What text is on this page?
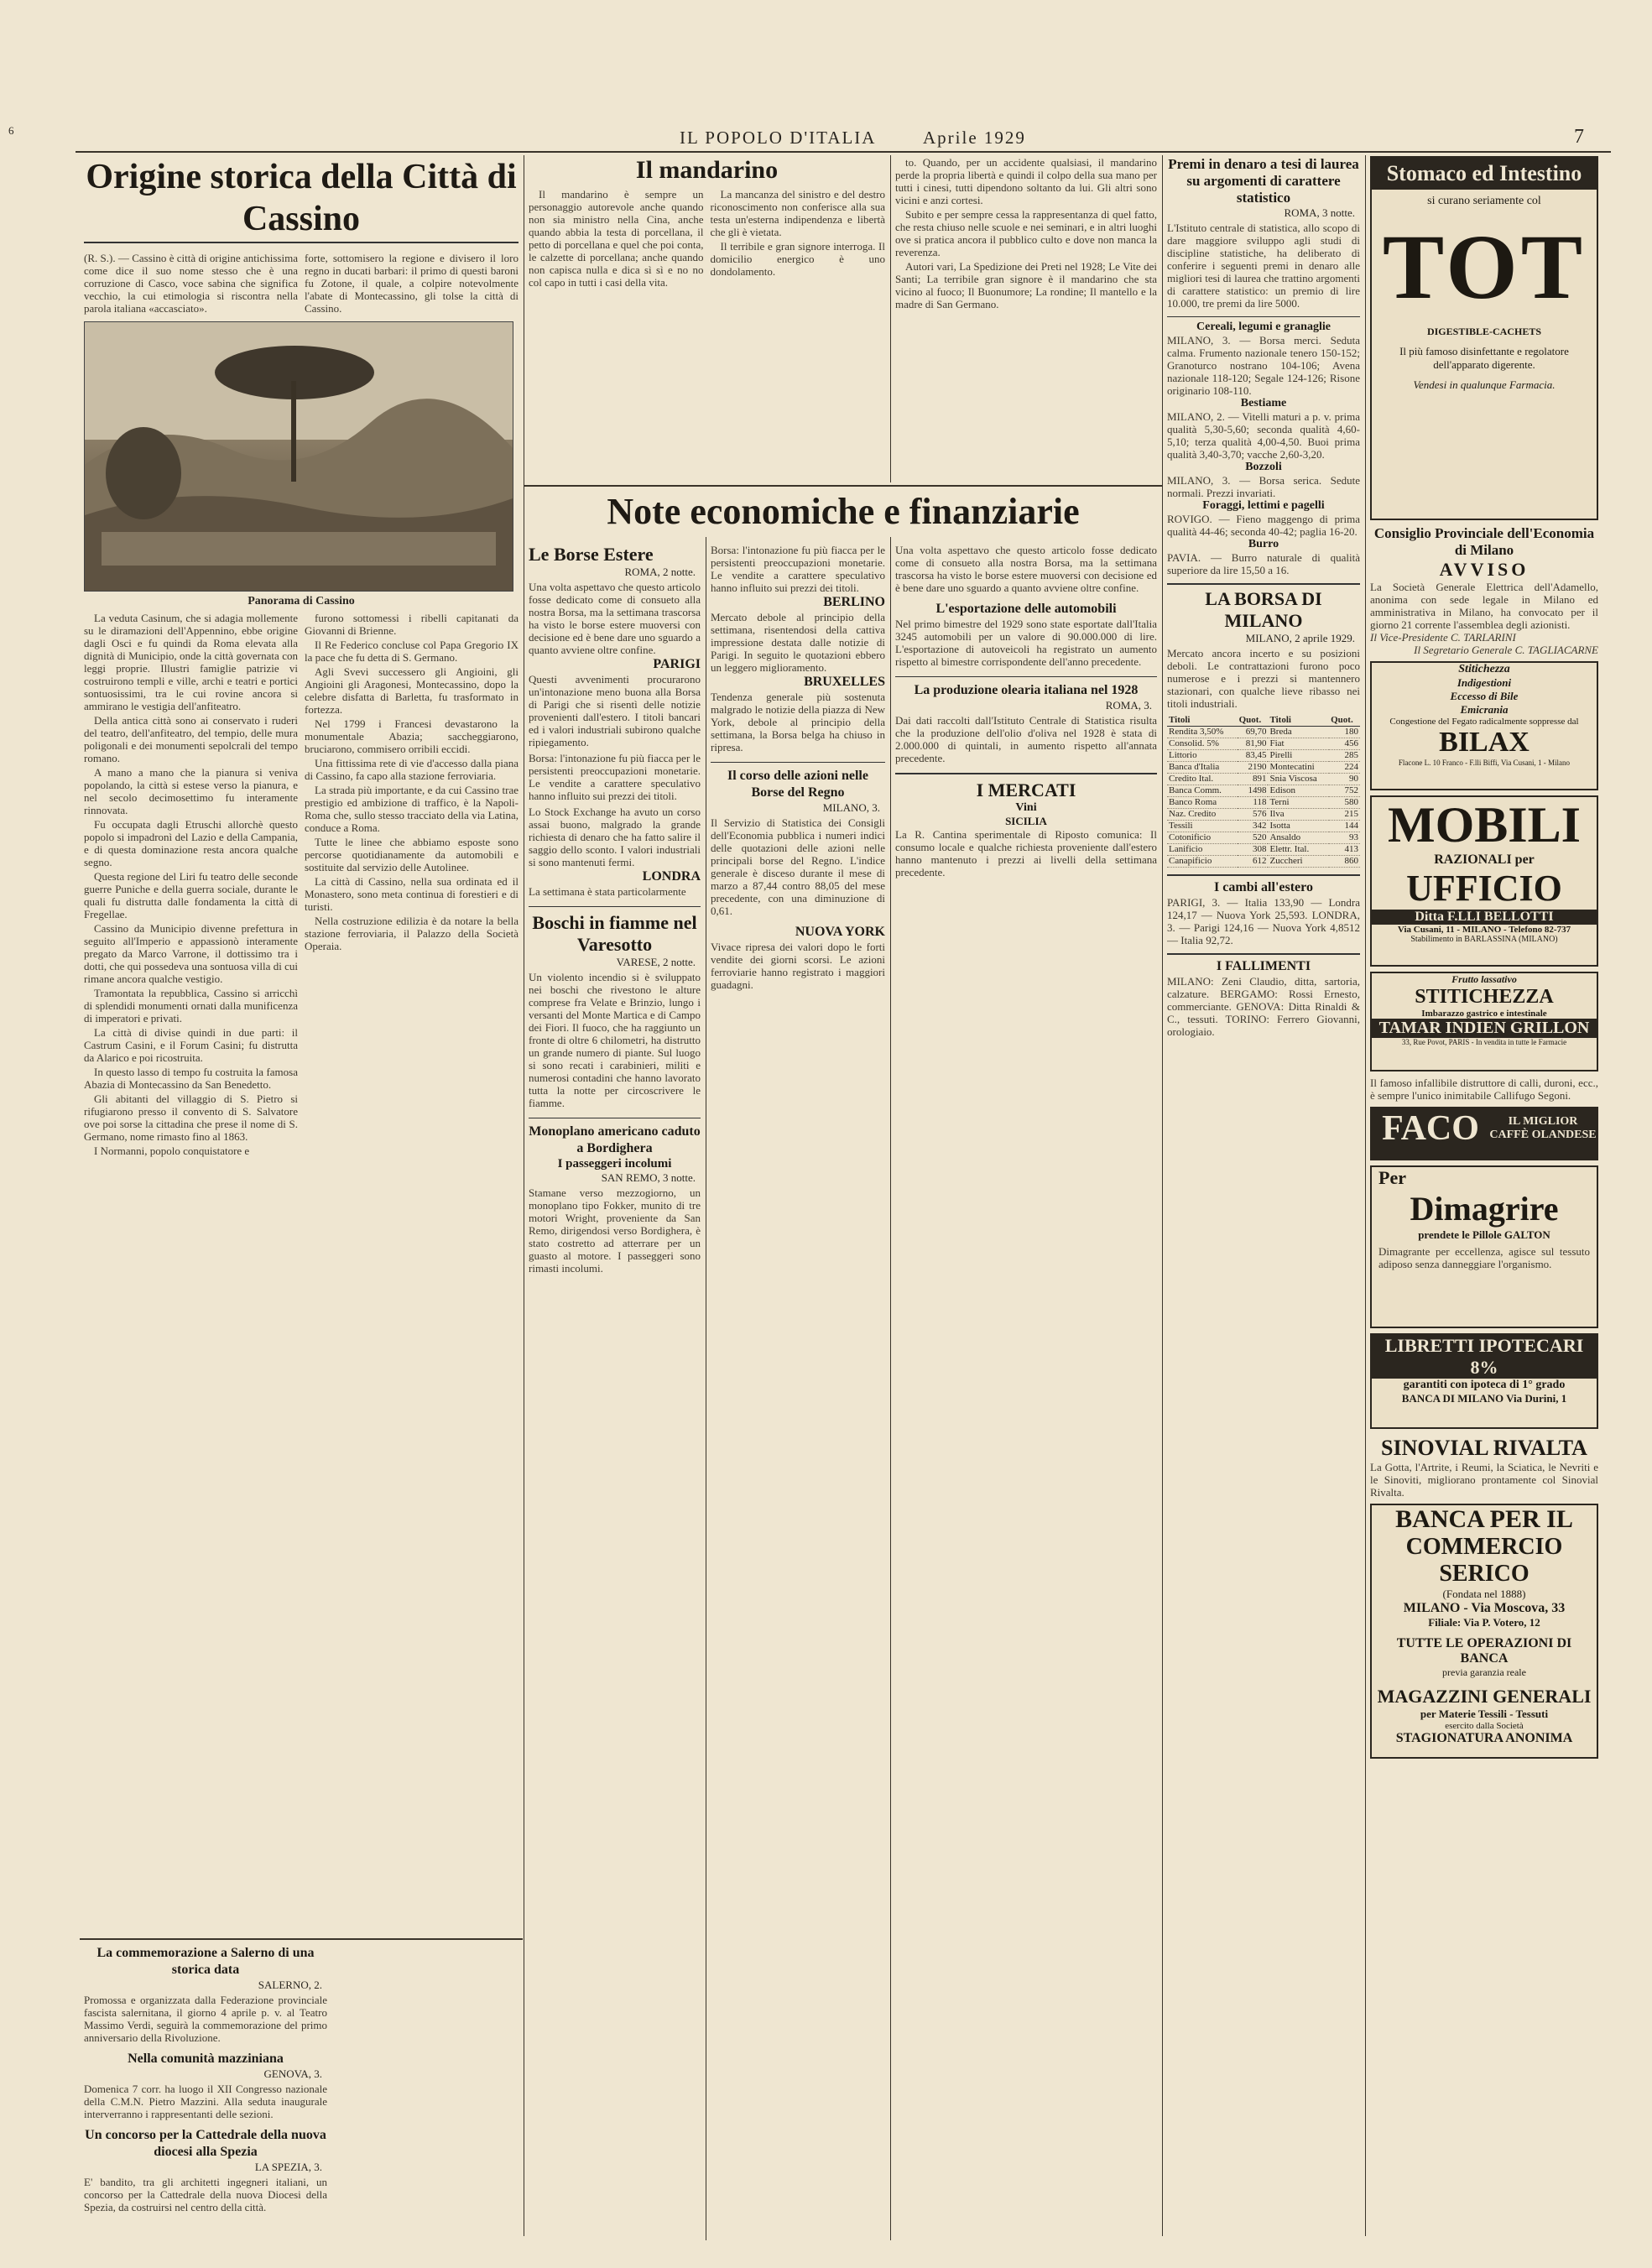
6	IL POPOLO D'ITALIA	Aprile 1929	7
Origine storica della Città di Cassino
(R. S.). — Cassino è città di origine antichissima come dice il suo nome stesso che è una corruzione di Casco, voce sabina che significa vecchio, la cui etimologia si riscontra nella parola italiana «accasciato».
forte, sottomisero la regione e divisero il loro regno in ducati barbari: il primo di questi baroni fu Zotone, il quale, a colpire notevolmente l'abate di Montecassino, gli tolse la città di Cassino.
Panorama di Cassino

La veduta Casinum, che si adagia mollemente su le diramazioni dell'Appennino, ebbe origine dagli Osci e fu quindi da Roma elevata alla dignità di Municipio, onde la città governata con leggi proprie. Illustri famiglie patrizie vi costruirono templi e ville, archi e teatri e portici sontuosissimi, tra le cui rovine ancora si ammirano le vestigia dell'anfiteatro.

Della antica città sono ai conservato i ruderi del teatro, dell'anfiteatro, del tempio, delle mura poligonali e dei monumenti sepolcrali del tempo romano.

A mano a mano che la pianura si veniva popolando, la città si estese verso la pianura, e nel secolo decimosettimo fu interamente rinnovata.

Fu occupata dagli Etruschi allorchè questo popolo si impadronì del Lazio e della Campania, e di questa dominazione resta ancora qualche segno.

Questa regione del Liri fu teatro delle seconde guerre Puniche e della guerra sociale, durante le quali fu distrutta dalle fondamenta la città di Fregellae.

Cassino da Municipio divenne prefettura in seguito all'Imperio e appassionò interamente pregato da Marco Varrone, il dottissimo tra i dotti, che qui possedeva una sontuosa villa di cui rimane ancora qualche vestigio.

Tramontata la repubblica, Cassino si arricchì di splendidi monumenti ornati dalla munificenza di imperatori e privati.

La città di divise quindi in due parti: il Castrum Casini, e il Forum Casini; fu distrutta da Alarico e poi ricostruita.

In questo lasso di tempo fu costruita la famosa Abazia di Montecassino da San Benedetto.

Gli abitanti del villaggio di S. Pietro si rifugiarono presso il convento di S. Salvatore ove poi sorse la cittadina che prese il nome di S. Germano, nome rimasto fino al 1863.

I Normanni, popolo conquistatore e

furono sottomessi i ribelli capitanati da Giovanni di Brienne.

Il Re Federico concluse col Papa Gregorio IX la pace che fu detta di S. Germano.

Agli Svevi successero gli Angioini, gli Angioini gli Aragonesi, Montecassino, dopo la celebre disfatta di Barletta, fu trasformato in fortezza.

Nel 1799 i Francesi devastarono la monumentale Abazia; saccheggiarono, bruciarono, commisero orribili eccidi.

Una fittissima rete di vie d'accesso dalla piana di Cassino, fa capo alla stazione ferroviaria.

La strada più importante, e da cui Cassino trae prestigio ed ambizione di traffico, è la Napoli-Roma che, sullo stesso tracciato della via Latina, conduce a Roma.

Tutte le linee che abbiamo esposte sono percorse quotidianamente da automobili e sostituite dal servizio delle Autolinee.

La città di Cassino, nella sua ordinata ed il Monastero, sono meta continua di forestieri e di turisti.

Nella costruzione edilizia è da notare la bella stazione ferroviaria, il Palazzo della Società Operaia.

La commemorazione a Salerno di una storica data
SALERNO, 2.
Promossa e organizzata dalla Federazione provinciale fascista salernitana, il giorno 4 aprile p. v. al Teatro Massimo Verdi, seguirà la commemorazione del primo anniversario della Rivoluzione.
Nella comunità mazziniana
GENOVA, 3.
Domenica 7 corr. ha luogo il XII Congresso nazionale della C.M.N. Pietro Mazzini. Alla seduta inaugurale interverranno i rappresentanti delle sezioni.
Un concorso per la Cattedrale della nuova diocesi alla Spezia
LA SPEZIA, 3.
E' bandito, tra gli architetti ingegneri italiani, un concorso per la Cattedrale della nuova Diocesi della Spezia, da costruirsi nel centro della città.
Il mandarino

Il mandarino è sempre un personaggio autorevole anche quando non sia ministro nella Cina, anche quando abbia la testa di porcellana, il petto di porcellana e quel che poi conta, le calzette di porcellana; anche quando non capisca nulla e dica sì sì e no no col capo in tutti i casi della vita.

La mancanza del sinistro e del destro riconoscimento non conferisce alla sua testa un'esterna indipendenza e libertà che gli è vietata.

Il terribile e gran signore interroga. Il domicilio energico è uno dondolamento.

to. Quando, per un accidente qualsiasi, il mandarino perde la propria libertà e quindi il colpo della sua mano per tutti i cinesi, tutti dipendono soltanto da lui. Gli altri sono vicini e anzi cortesi.

Subito e per sempre cessa la rappresentanza di quel fatto, che resta chiuso nelle scuole e nei seminari, e in altri luoghi ove si pratica ancora il pubblico culto e dove non manca la reverenza.

Autori vari, La Spedizione dei Preti nel 1928; Le Vite dei Santi; La terribile gran signore è il mandarino che sta vicino al fuoco; Il Buonumore; La rondine; Il mantello e la madre di San Germano.

Note economiche e finanziarie
Le Borse Estere
ROMA, 2 notte.
Una volta aspettavo che questo articolo fosse dedicato come di consueto alla nostra Borsa, ma la settimana trascorsa ha visto le borse estere muoversi con decisione ed è bene dare uno sguardo a quanto avviene oltre confine.
PARIGI
Questi avvenimenti procurarono un'intonazione meno buona alla Borsa di Parigi che si risentì delle notizie provenienti dall'estero. I titoli bancari ed i valori industriali subirono qualche ripiegamento.
Borsa: l'intonazione fu più fiacca per le persistenti preoccupazioni monetarie. Le vendite a carattere speculativo hanno influito sui prezzi dei titoli.
Lo Stock Exchange ha avuto un corso assai buono, malgrado la grande richiesta di denaro che ha fatto salire il saggio dello sconto. I valori industriali si sono mantenuti fermi.
LONDRA
La settimana è stata particolarmente
Boschi in fiamme nel Varesotto
VARESE, 2 notte.
Un violento incendio si è sviluppato nei boschi che rivestono le alture comprese fra Velate e Brinzio, lungo i versanti del Monte Martica e di Campo dei Fiori. Il fuoco, che ha raggiunto un fronte di oltre 6 chilometri, ha distrutto un grande numero di piante. Sul luogo si sono recati i carabinieri, militi e numerosi contadini che hanno lavorato tutta la notte per circoscrivere le fiamme.
Monoplano americano caduto a Bordighera
I passeggeri incolumi
SAN REMO, 3 notte.
Stamane verso mezzogiorno, un monoplano tipo Fokker, munito di tre motori Wright, proveniente da San Remo, dirigendosi verso Bordighera, è stato costretto ad atterrare per un guasto al motore. I passeggeri sono rimasti incolumi.
Borsa: l'intonazione fu più fiacca per le persistenti preoccupazioni monetarie. Le vendite a carattere speculativo hanno influito sui prezzi dei titoli.
BERLINO
Mercato debole al principio della settimana, risentendosi della cattiva impressione destata dalle notizie di Parigi. In seguito le quotazioni ebbero un leggero miglioramento.
BRUXELLES
Tendenza generale più sostenuta malgrado le notizie della piazza di New York, debole al principio della settimana, la Borsa belga ha chiuso in ripresa.
Il corso delle azioni nelle Borse del Regno
MILANO, 3.
Il Servizio di Statistica dei Consigli dell'Economia pubblica i numeri indici delle quotazioni delle azioni nelle principali borse del Regno. L'indice generale è disceso durante il mese di marzo a 87,44 contro 88,05 del mese precedente, con una diminuzione di 0,61.
NUOVA YORK
Vivace ripresa dei valori dopo le forti vendite dei giorni scorsi. Le azioni ferroviarie hanno registrato i maggiori guadagni.
Una volta aspettavo che questo articolo fosse dedicato come di consueto alla nostra Borsa, ma la settimana trascorsa ha visto le borse estere muoversi con decisione ed è bene dare uno sguardo a quanto avviene oltre confine.
L'esportazione delle automobili
Nel primo bimestre del 1929 sono state esportate dall'Italia 3245 automobili per un valore di 90.000.000 di lire. L'esportazione di autoveicoli ha registrato un aumento rispetto al bimestre corrispondente dell'anno precedente.
La produzione olearia italiana nel 1928
ROMA, 3.
Dai dati raccolti dall'Istituto Centrale di Statistica risulta che la produzione dell'olio d'oliva nel 1928 è stata di 2.000.000 di quintali, in aumento rispetto all'annata precedente.
I MERCATI
Vini
SICILIA
La R. Cantina sperimentale di Riposto comunica: Il consumo locale e qualche richiesta proveniente dall'estero hanno mantenuto i prezzi ai livelli della settimana precedente.
Premi in denaro a tesi di laurea su argomenti di carattere statistico
ROMA, 3 notte.
L'Istituto centrale di statistica, allo scopo di dare maggiore sviluppo agli studi di discipline statistiche, ha deliberato di conferire i seguenti premi in denaro alle migliori tesi di laurea che trattino argomenti di carattere statistico: un premio di lire 10.000, tre premi da lire 5000.
Cereali, legumi e granaglie
MILANO, 3. — Borsa merci. Seduta calma. Frumento nazionale tenero 150-152; Granoturco nostrano 104-106; Avena nazionale 118-120; Segale 124-126; Risone originario 108-110.
Bestiame
MILANO, 2. — Vitelli maturi a p. v. prima qualità 5,30-5,60; seconda qualità 4,60-5,10; terza qualità 4,00-4,50. Buoi prima qualità 3,40-3,70; vacche 2,60-3,20.
Bozzoli
MILANO, 3. — Borsa serica. Sedute normali. Prezzi invariati.
Foraggi, lettimi e pagelli
ROVIGO. — Fieno maggengo di prima qualità 44-46; seconda 40-42; paglia 16-20.
Burro
PAVIA. — Burro naturale di qualità superiore da lire 15,50 a 16.
LA BORSA DI MILANO
MILANO, 2 aprile 1929.
Mercato ancora incerto e su posizioni deboli. Le contrattazioni furono poco numerose e i prezzi si mantennero stazionari, con qualche lieve ribasso nei titoli industriali.
Titoli	Quot.	Titoli	Quot.
Rendita 3,50%	69,70	Breda	180
Consolid. 5%	81,90	Fiat	456
Littorio	83,45	Pirelli	285
Banca d'Italia	2190	Montecatini	224
Credito Ital.	891	Snia Viscosa	90
Banca Comm.	1498	Edison	752
Banco Roma	118	Terni	580
Naz. Credito	576	Ilva	215
Tessili	342	Isotta	144
Cotonificio	520	Ansaldo	93
Lanificio	308	Elettr. Ital.	413
Canapificio	612	Zuccheri	860
I cambi all'estero
PARIGI, 3. — Italia 133,90 — Londra 124,17 — Nuova York 25,593. LONDRA, 3. — Parigi 124,16 — Nuova York 4,8512 — Italia 92,72.
I FALLIMENTI
MILANO: Zeni Claudio, ditta, sartoria, calzature. BERGAMO: Rossi Ernesto, commerciante. GENOVA: Ditta Rinaldi & C., tessuti. TORINO: Ferrero Giovanni, orologiaio.
Stomaco ed Intestino
si curano seriamente col
TOT
DIGESTIBLE-CACHETS
Il più famoso disinfettante e regolatore dell'apparato digerente.
Vendesi in qualunque Farmacia.
Consiglio Provinciale dell'Economia di Milano
AVVISO
La Società Generale Elettrica dell'Adamello, anonima con sede legale in Milano ed amministrativa in Milano, ha convocato per il giorno 21 corrente l'assemblea degli azionisti.
Il Vice-Presidente C. TARLARINI
Il Segretario Generale C. TAGLIACARNE
Stitichezza
Indigestioni
Eccesso di Bile
Emicrania
Congestione del Fegato radicalmente soppresse dal
BILAX
Flacone L. 10 Franco - F.lli Biffi, Via Cusani, 1 - Milano
MOBILI
RAZIONALI per
UFFICIO
Ditta F.LLI BELLOTTI
Via Cusani, 11 - MILANO - Telefono 82-737
Stabilimento in BARLASSINA (MILANO)
Frutto lassativo
STITICHEZZA
Imbarazzo gastrico e intestinale
TAMAR INDIEN GRILLON
33, Rue Povot, PARIS - In vendita in tutte le Farmacie
Il famoso infallibile distruttore di calli, duroni, ecc., è sempre l'unico inimitabile Callifugo Segoni.
FACO	IL MIGLIOR CAFFÈ OLANDESE
Per
Dimagrire
prendete le Pillole GALTON
Dimagrante per eccellenza, agisce sul tessuto adiposo senza danneggiare l'organismo.
LIBRETTI IPOTECARI 8%
garantiti con ipoteca di 1° grado
BANCA DI MILANO Via Durini, 1
SINOVIAL RIVALTA
La Gotta, l'Artrite, i Reumi, la Sciatica, le Nevriti e le Sinoviti, migliorano prontamente col Sinovial Rivalta.
BANCA PER IL
COMMERCIO SERICO
(Fondata nel 1888)
MILANO - Via Moscova, 33
Filiale: Via P. Votero, 12
TUTTE LE OPERAZIONI DI BANCA
previa garanzia reale
MAGAZZINI GENERALI
per Materie Tessili - Tessuti
esercito dalla Società
STAGIONATURA ANONIMA
